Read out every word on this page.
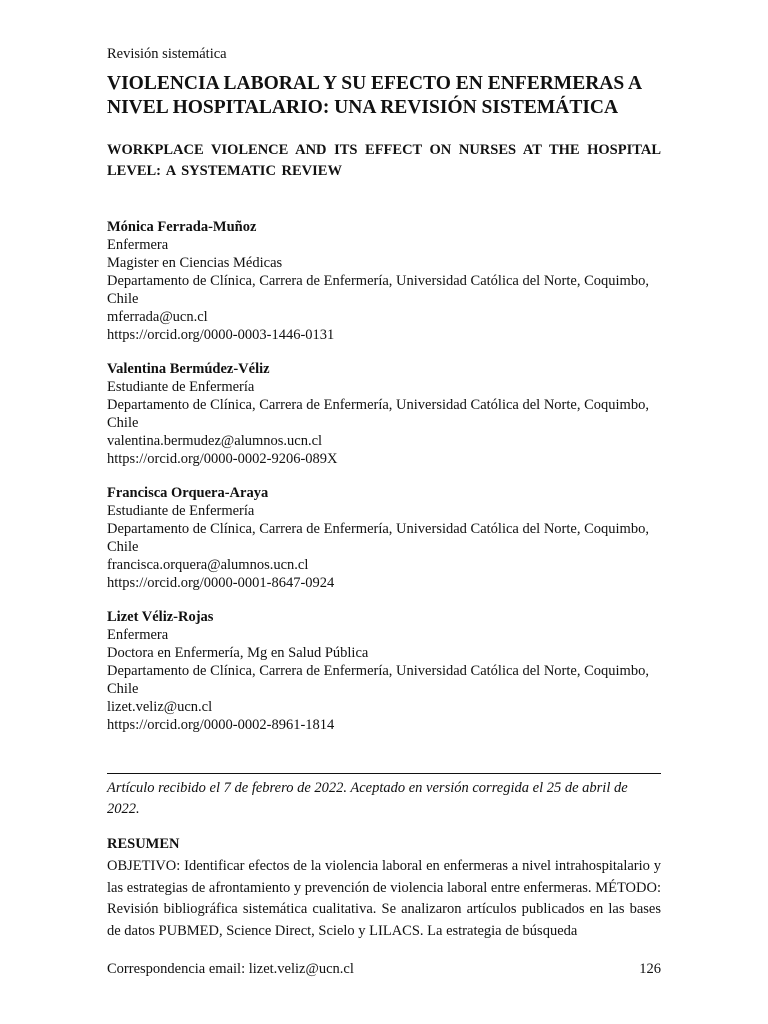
Revisión sistemática
VIOLENCIA LABORAL Y SU EFECTO EN ENFERMERAS A NIVEL HOSPITALARIO: UNA REVISIÓN SISTEMÁTICA
WORKPLACE VIOLENCE AND ITS EFFECT ON NURSES AT THE HOSPITAL LEVEL: A SYSTEMATIC REVIEW
Mónica Ferrada-Muñoz
Enfermera
Magister en Ciencias Médicas
Departamento de Clínica, Carrera de Enfermería, Universidad Católica del Norte, Coquimbo, Chile
mferrada@ucn.cl
https://orcid.org/0000-0003-1446-0131
Valentina Bermúdez-Véliz
Estudiante de Enfermería
Departamento de Clínica, Carrera de Enfermería, Universidad Católica del Norte, Coquimbo, Chile
valentina.bermudez@alumnos.ucn.cl
https://orcid.org/0000-0002-9206-089X
Francisca Orquera-Araya
Estudiante de Enfermería
Departamento de Clínica, Carrera de Enfermería, Universidad Católica del Norte, Coquimbo, Chile
francisca.orquera@alumnos.ucn.cl
https://orcid.org/0000-0001-8647-0924
Lizet Véliz-Rojas
Enfermera
Doctora en Enfermería, Mg en Salud Pública
Departamento de Clínica, Carrera de Enfermería, Universidad Católica del Norte, Coquimbo, Chile
lizet.veliz@ucn.cl
https://orcid.org/0000-0002-8961-1814
Artículo recibido el 7 de febrero de 2022. Aceptado en versión corregida el 25 de abril de 2022.
RESUMEN

OBJETIVO: Identificar efectos de la violencia laboral en enfermeras a nivel intrahospitalario y las estrategias de afrontamiento y prevención de violencia laboral entre enfermeras. MÉTODO: Revisión bibliográfica sistemática cualitativa. Se analizaron artículos publicados en las bases de datos PUBMED, Science Direct, Scielo y LILACS. La estrategia de búsqueda

Correspondencia email: lizet.veliz@ucn.cl	126
